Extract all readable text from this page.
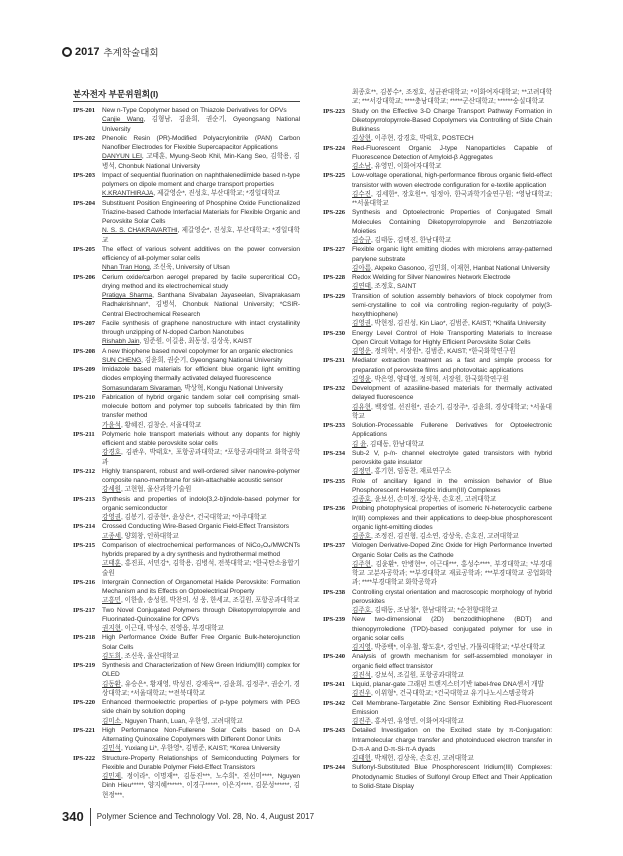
2017 추계학술대회
분자전자 부문위원회(I)
IPS-201	New n-Type Copolymer based on Thiazole Derivatives for OPVs
Canjie Wang, 김형남, 김윤희, 권순기, Gyeongsang National University
IPS-202	Phenolic Resin (PR)-Modified Polyacrylonitrile (PAN) Carbon Nanofiber Electrodes for Flexible Supercapacitor Applications
DANYUN LEI, 고태훈, Myung-Seob Khil, Min-Kang Seo, 김학용, 김병석, Chonbuk National University
IPS-203	Impact of sequential fluorination on naphthalenediimide based n-type polymers on dipole moment and charge transport properties
K.KRANTHIRAJA, 제갈영순*, 진성호, 부산대학교; *경일대학교
IPS-204	Substituent Position Engineering of Phosphine Oxide Functionalized Triazine-based Cathode Interfacial Materials for Flexible Organic and Perovskite Solar Cells
N. S. S. CHAKRAVARTHI, 제갈영순*, 진성호, 부산대학교; *경일대학교
IPS-205	The effect of various solvent additives on the power conversion efficiency of all-polymer solar cells
Nhan Tran Hong, 조신욱, University of Ulsan
IPS-206	Cerium oxide/carbon aerogel prepared by facile supercritical CO₂ drying method and its electrochemical study
Pratigya Sharma, Santhana Sivabalan Jayaseelan, Sivaprakasam Radhakrishnan*, 김병석, Chonbuk National University; *CSIR-Central Electrochemical Research
IPS-207	Facile synthesis of graphene nanostructure with intact crystallinity through unzipping of N-doped Carbon Nanotubes
Rishabh Jain, 임준원, 이길용, 최동성, 김상욱, KAIST
IPS-208	A new thiophene based novel copolymer for an organic electronics
SUN CHENG, 김윤희, 권순기, Gyeongsang National University
IPS-209	Imidazole based materials for efficient blue organic light emitting diodes employing thermally activated delayed fluorescence
Somasundaram Sivaraman, 박상혁, Kongju National University
IPS-210	Fabrication of hybrid organic tandem solar cell comprising small-molecule bottom and polymer top subcells fabricated by thin film transfer method
가윤석, 황혜진, 김창순, 서울대학교
IPS-211	Polymeric hole transport materials without any dopants for highly efficient and stable perovskite solar cells
강경호, 김관우, 박태호*, 포항공과대학교; *포항공과대학교 화학공학과
IPS-212	Highly transparent, robust and well-ordered silver nanowire-polymer composite nano-membrane for skin-attachable acoustic sensor
강세원, 고현협, 울산과학기술원
IPS-213	Synthesis and properties of indolo[3,2-b]indole-based polymer for organic semiconductor
강영권, 김봉기, 김종현*, 윤상은*, 건국대학교; *아주대학교
IPS-214	Crossed Conducting Wire-Based Organic Field-Effect Transistors
고종세, 양회창, 인하대학교
IPS-215	Comparison of electrochemical performances of NiCo₂O₄/MWCNTs hybrids prepared by a dry synthesis and hydrothermal method
고태훈, 홍진표, 서민강*, 김학용, 김병석, 전북대학교; *한국탄소융합기술원
IPS-216	Intergrain Connection of Organometal Halide Perovskite: Formation Mechanism and its Effects on Optoelectrical Property
고흥민, 이한솔, 송성원, 박찬의, 성 웅, 한세교, 조길원, 포항공과대학교
IPS-217	Two Novel Conjugated Polymers through Diketopyrrolopyrrole and Fluorinated-Quinoxaline for OPVs
권지현, 이근대, 박성수, 진영읍, 부경대학교
IPS-218	High Performance Oxide Buffer Free Organic Bulk-heterojunction Solar Cells
김도희, 조신욱, 울산대학교
IPS-219	Synthesis and Characterization of New Green Iridium(III) complex for OLED
김동환, 유승은*, 황재영, 박성진, 강재욱**, 김윤희, 김정주*, 권순기, 경상대학교; *서울대학교; **전북대학교
IPS-220	Enhanced thermoelectric properties of p-type polymers with PEG side chain by solution doping
김미소, Nguyen Thanh, Luan, 우한영, 고려대학교
IPS-221	High Performance Non-Fullerene Solar Cells based on D-A Alternating Quinoxaline Copolymers with Different Donor Units
김민석, Yuxiang Li*, 우한영*, 김범준, KAIST; *Korea University
IPS-222	Structure-Property Relationships of Semiconducting Polymers for Flexible and Durable Polymer Field-Effect Transistors
김민제, 정이라*, 이명재**, 김동진***, 노수희*, 진선미****, Nguyen Dinh Hieu*****, 양지혜******, 이경구*****, 이은지****, 김문성******, 김현정***,
최종호**, 김봉수*, 조정호, 성균관대학교; *이화여자대학교; **고려대학교; ***서강대학교; ****충남대학교; *****군산대학교; ******숭실대학교
IPS-223	Study on the Effective 3-D Charge Transport Pathway Formation in Diketopyrrolopyrrole-Based Copolymers via Controlling of Side Chain Bulkiness
김상현, 이주현, 강경호, 박태호, POSTECH
IPS-224	Red-Fluorescent Organic J-type Nanoparticles Capable of Fluorescence Detection of Amyloid-β Aggregates
김소남, 유영민, 이화여자대학교
IPS-225	Low-voltage operational, high-performance fibrous organic field-effect transistor with woven electrode configuration for e-textile application
김수진, 김세한*, 장호원**, 임정아, 한국과학기술연구원; *영남대학교; **서울대학교
IPS-226	Synthesis and Optoelectronic Properties of Conjugated Small Molecules Containing Diketopyrrolopyrrole and Benzotriazole Moieties
김승규, 김태동, 김택진, 한남대학교
IPS-227	Flexible organic light emitting diodes with microlens array-patterned parylene substrate
김아름, Akpeko Gasonoo, 김민희, 이재현, Hanbat National University
IPS-228	Redox Welding for Silver Nanowires Network Electrode
김연태, 조정호, SAINT
IPS-229	Transition of solution assembly behaviors of block copolymer from semi-crystalline to coil via controlling region-regularity of poly(3-hexylthiophene)
김영권, 박현정, 김진성, Kin Liao*, 김범준, KAIST; *Khalifa University
IPS-230	Energy Level Control of Hole Transporting Materials to Increase Open Circuit Voltage for Highly Efficient Perovskite Solar Cells
김영운, 정의혁*, 서장원*, 김범준, KAIST; *한국화학연구원
IPS-231	Mediator extraction treatment as a fast and simple process for preparation of perovskite films and photovoltaic applications
김영윤, 박은영, 양태열, 정의혁, 서장원, 한국화학연구원
IPS-232	Development of azasiline-based materials for thermally activated delayed fluorescence
김유현, 백장열, 선진원*, 권순기, 김장주*, 김윤희, 경상대학교; *서울대학교
IPS-233	Solution-Processable Fullerene Derivatives for Optoelectronic Applications
김 윤, 김태동, 한남대학교
IPS-234	Sub-2 V, p-/n- channel electrolyte gated transistors with hybrid perovskite gate insulator
김정민, 홍기현, 임동찬, 재료연구소
IPS-235	Role of ancillary ligand in the emission behavior of Blue Phosphorescent Heteroleptic Iridium(III) Complexes
김종호, 윤보선, 손미정, 강상욱, 손호진, 고려대학교
IPS-236	Probing photophysical properties of isomeric N-heterocyclic carbene Ir(III) complexes and their applications to deep-blue phosphorescent organic light-emitting diodes
김종호, 조정진, 김진형, 김소연, 강상욱, 손호진, 고려대학교
IPS-237	Viologen Derivative-Doped Zinc Oxide for High Performance Inverted Organic Solar Cells as the Cathode
김주현, 김윤환*, 안병현**, 이근대***, 홍성수****, 부경대학교; *부경대학교 고분자공학과; **부경대학교 재료공학과; ***부경대학교 공업화학과; ****부경대학교 화학공학과
IPS-238	Controlling crystal orientation and macroscopic morphology of hybrid perovskites
김주호, 김태동, 조남철*, 한남대학교; *순천향대학교
IPS-239	New two-dimensional (2D) benzodithiophene (BDT) and thienopyrroledione (TPD)-based conjugated polymer for use in organic solar cells
김지영, 박종백*, 이우철, 황도훈*, 강인남, 가톨릭대학교; *부산대학교
IPS-240	Analysis of growth mechanism for self-assembled monolayer in organic field effect transistor
김진석, 강보석, 조길원, 포항공과대학교
IPS-241	Liquid, planar-gate 그래핀 트랜지스터기반 label-free DNA센서 개발
김진우, 이위형*, 건국대학교; *건국대학교 유기나노시스템공학과
IPS-242	Cell Membrane-Targetable Zinc Sensor Exhibiting Red-Fluorescent Emission
김진주, 홍차연, 유영민, 이화여자대학교
IPS-243	Detailed Investigation on the Excited state by π-Conjugation: Intramolecular charge transfer and photoinduced electron transfer in D-π-A and D-π-Si-π-A dyads
김태헌, 박채헌, 김상욱, 손호진, 고려대학교
IPS-244	Sulfonyl-Substituted Blue Phosphorescent Iridium(III) Complexes: Photodynamic Studies of Sulfonyl Group Effect and Their Application to Solid-State Display
340	Polymer Science and Technology Vol. 28, No. 4, August 2017
